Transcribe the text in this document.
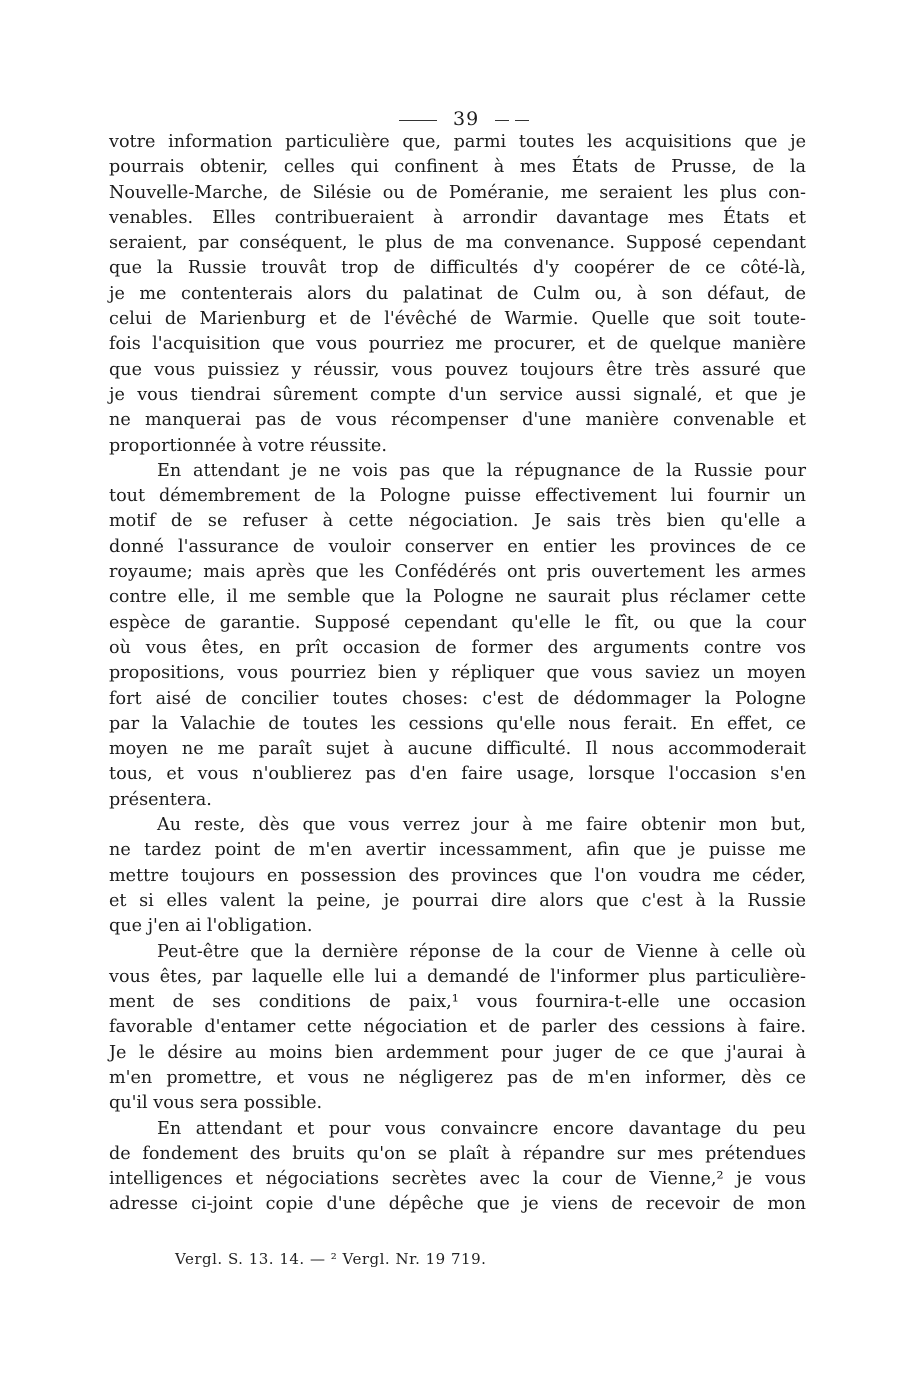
39

votre information particulière que, parmi toutes les acquisitions que je
pourrais obtenir, celles qui confinent à mes États de Prusse, de la
Nouvelle-Marche, de Silésie ou de Poméranie, me seraient les plus con-
venables. Elles contribueraient à arrondir davantage mes États et
seraient, par conséquent, le plus de ma convenance. Supposé cependant
que la Russie trouvât trop de difficultés d'y coopérer de ce côté-là,
je me contenterais alors du palatinat de Culm ou, à son défaut, de
celui de Marienburg et de l'évêché de Warmie. Quelle que soit toute-
fois l'acquisition que vous pourriez me procurer, et de quelque manière
que vous puissiez y réussir, vous pouvez toujours être très assuré que
je vous tiendrai sûrement compte d'un service aussi signalé, et que je
ne manquerai pas de vous récompenser d'une manière convenable et
proportionnée à votre réussite.
En attendant je ne vois pas que la répugnance de la Russie pour
tout démembrement de la Pologne puisse effectivement lui fournir un
motif de se refuser à cette négociation. Je sais très bien qu'elle a
donné l'assurance de vouloir conserver en entier les provinces de ce
royaume; mais après que les Confédérés ont pris ouvertement les armes
contre elle, il me semble que la Pologne ne saurait plus réclamer cette
espèce de garantie. Supposé cependant qu'elle le fît, ou que la cour
où vous êtes, en prît occasion de former des arguments contre vos
propositions, vous pourriez bien y répliquer que vous saviez un moyen
fort aisé de concilier toutes choses: c'est de dédommager la Pologne
par la Valachie de toutes les cessions qu'elle nous ferait. En effet, ce
moyen ne me paraît sujet à aucune difficulté. Il nous accommoderait
tous, et vous n'oublierez pas d'en faire usage, lorsque l'occasion s'en
présentera.
Au reste, dès que vous verrez jour à me faire obtenir mon but,
ne tardez point de m'en avertir incessamment, afin que je puisse me
mettre toujours en possession des provinces que l'on voudra me céder,
et si elles valent la peine, je pourrai dire alors que c'est à la Russie
que j'en ai l'obligation.
Peut-être que la dernière réponse de la cour de Vienne à celle où
vous êtes, par laquelle elle lui a demandé de l'informer plus particulière-
ment de ses conditions de paix,¹ vous fournira-t-elle une occasion
favorable d'entamer cette négociation et de parler des cessions à faire.
Je le désire au moins bien ardemment pour juger de ce que j'aurai à
m'en promettre, et vous ne négligerez pas de m'en informer, dès ce
qu'il vous sera possible.
En attendant et pour vous convaincre encore davantage du peu
de fondement des bruits qu'on se plaît à répandre sur mes prétendues
intelligences et négociations secrètes avec la cour de Vienne,² je vous
adresse ci-joint copie d'une dépêche que je viens de recevoir de mon
Vergl. S. 13. 14. — ² Vergl. Nr. 19 719.
